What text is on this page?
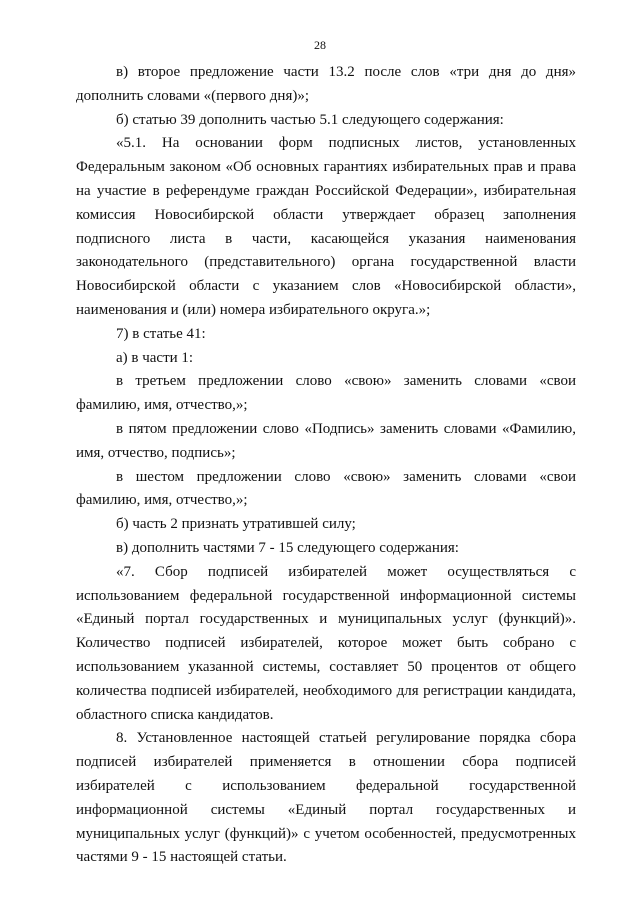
28

в) второе предложение части 13.2 после слов «три дня до дня» дополнить словами «(первого дня)»;

б) статью 39 дополнить частью 5.1 следующего содержания:

«5.1. На основании форм подписных листов, установленных Федеральным законом «Об основных гарантиях избирательных прав и права на участие в референдуме граждан Российской Федерации», избирательная комиссия Новосибирской области утверждает образец заполнения подписного листа в части, касающейся указания наименования законодательного (представительного) органа государственной власти Новосибирской области с указанием слов «Новосибирской области», наименования и (или) номера избирательного округа.»;

7) в статье 41:

а) в части 1:

в третьем предложении слово «свою» заменить словами «свои фамилию, имя, отчество,»;

в пятом предложении слово «Подпись» заменить словами «Фамилию, имя, отчество, подпись»;

в шестом предложении слово «свою» заменить словами «свои фамилию, имя, отчество,»;

б) часть 2 признать утратившей силу;

в) дополнить частями 7 - 15 следующего содержания:

«7. Сбор подписей избирателей может осуществляться с использованием федеральной государственной информационной системы «Единый портал государственных и муниципальных услуг (функций)». Количество подписей избирателей, которое может быть собрано с использованием указанной системы, составляет 50 процентов от общего количества подписей избирателей, необходимого для регистрации кандидата, областного списка кандидатов.

8. Установленное настоящей статьей регулирование порядка сбора подписей избирателей применяется в отношении сбора подписей избирателей с использованием федеральной государственной информационной системы «Единый портал государственных и муниципальных услуг (функций)» с учетом особенностей, предусмотренных частями 9 - 15 настоящей статьи.
